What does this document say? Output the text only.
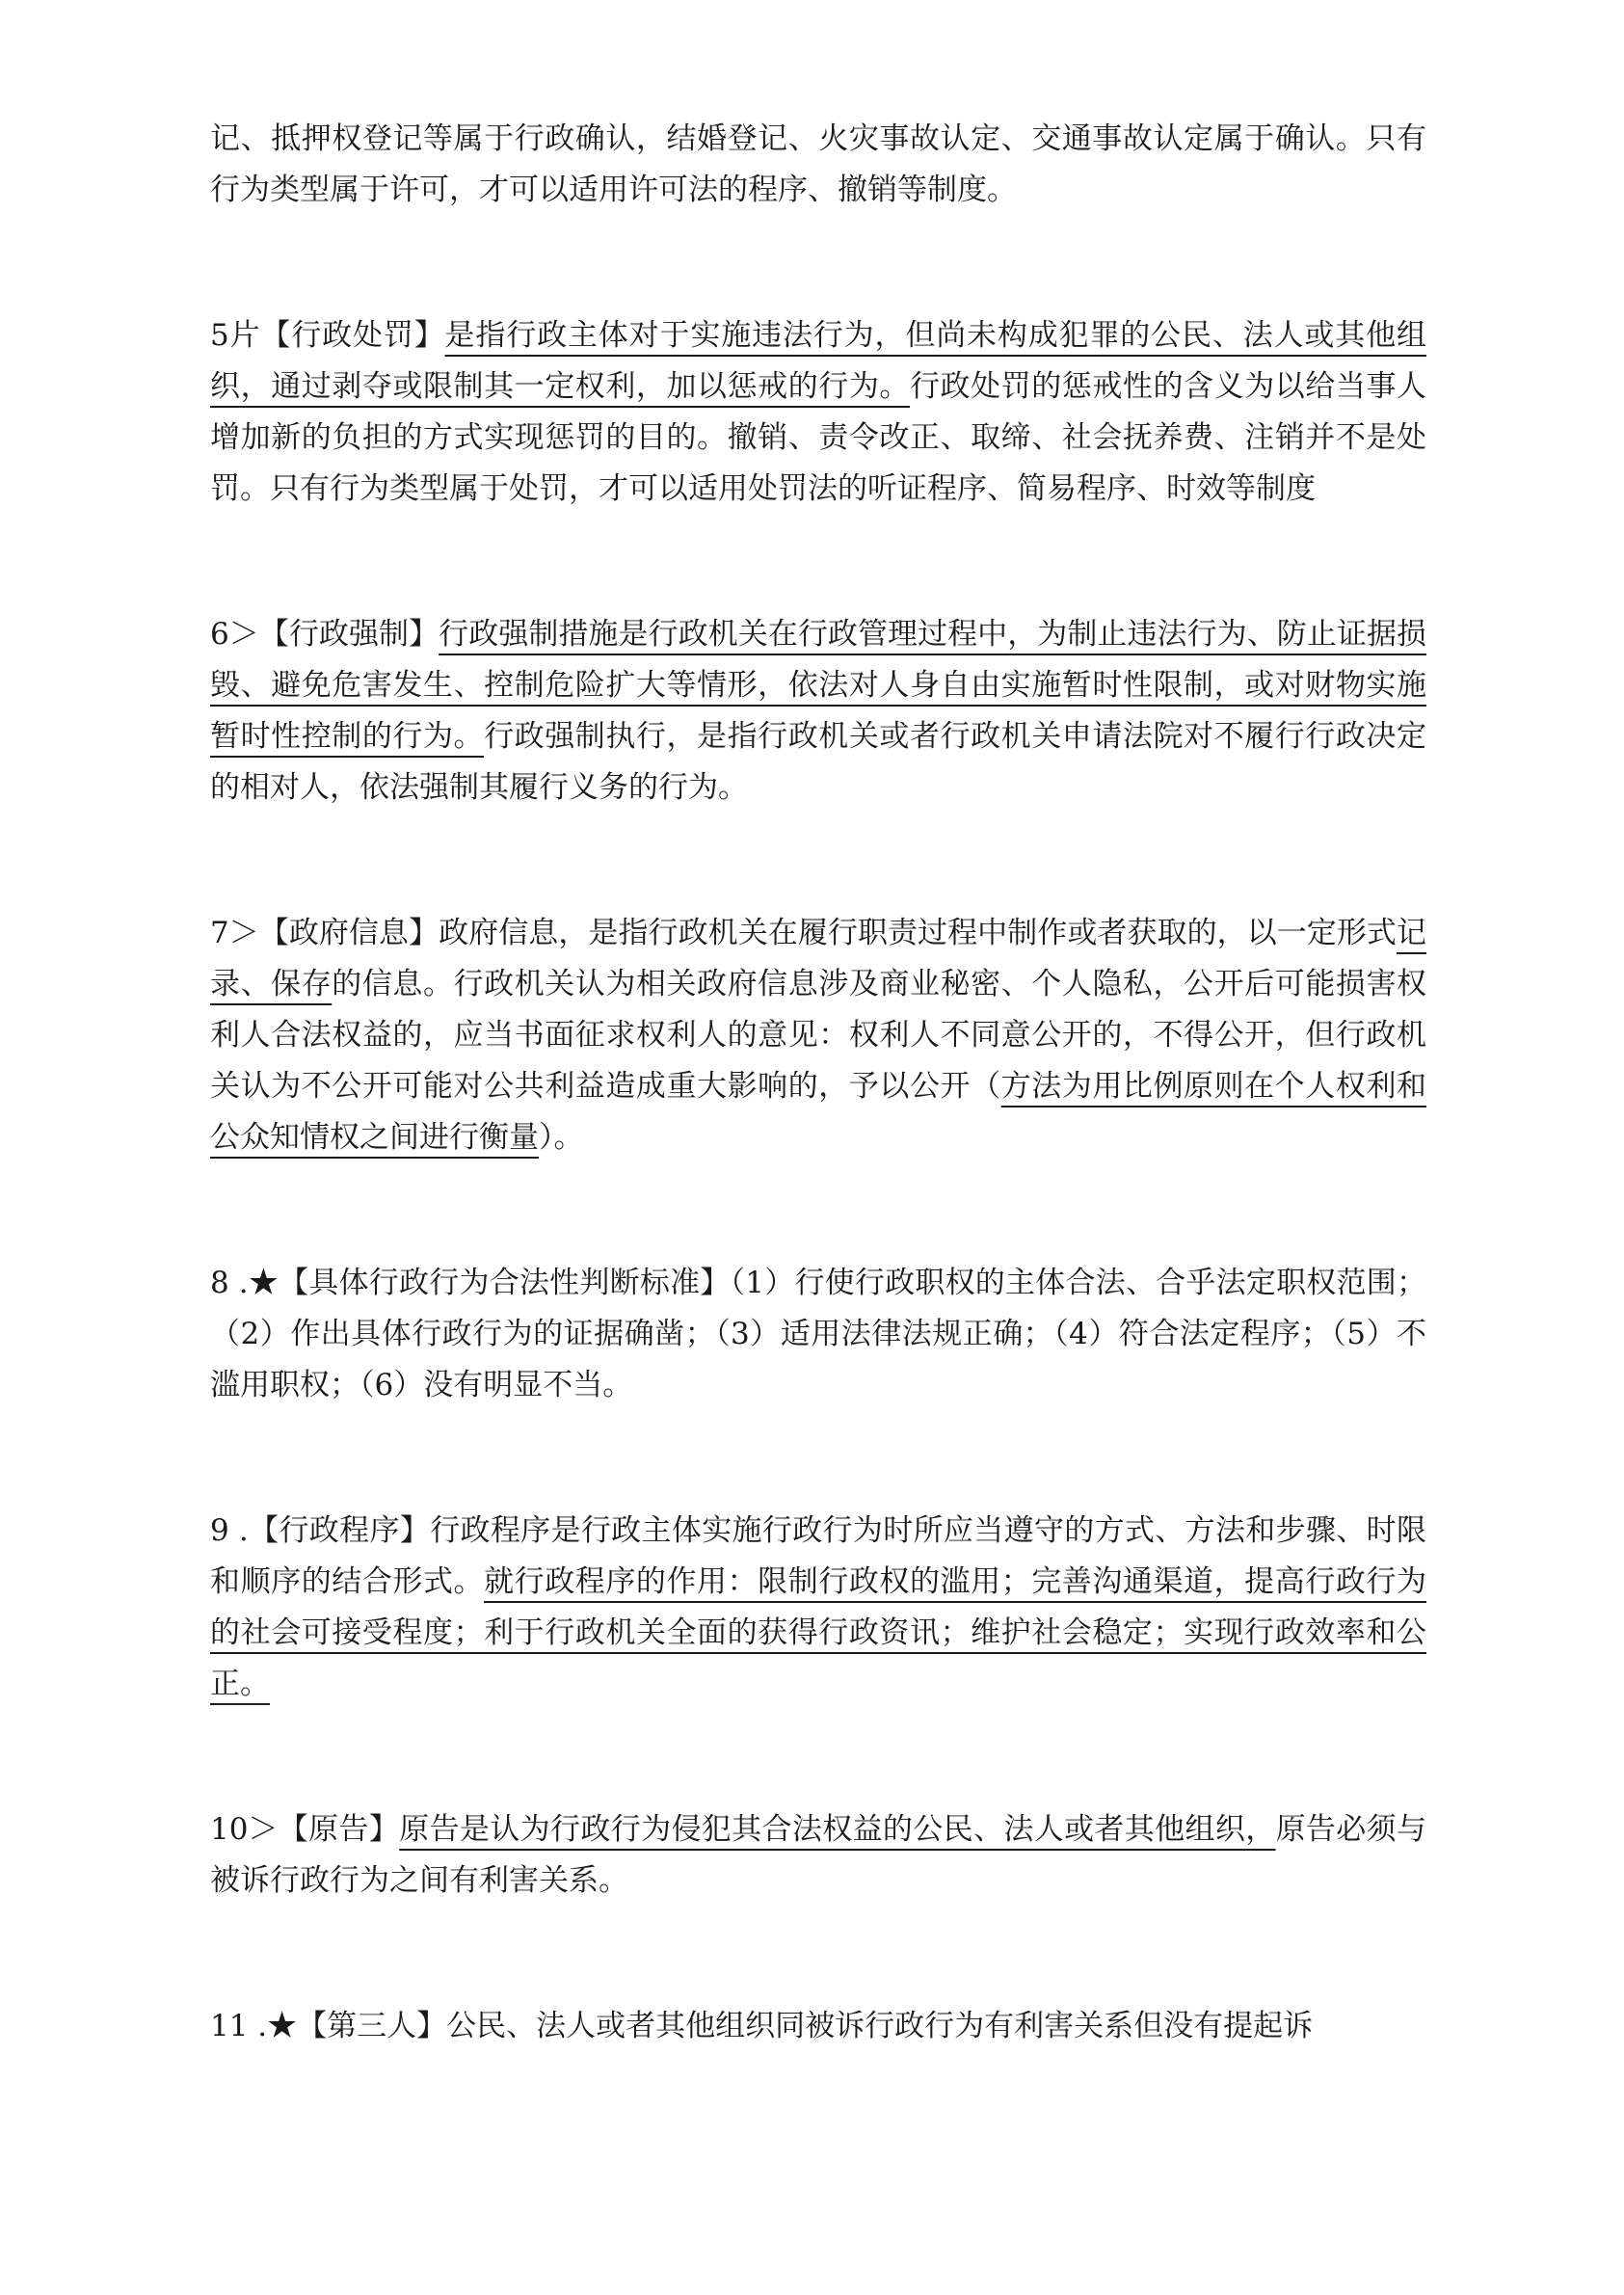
记、抵押权登记等属于行政确认，结婚登记、火灾事故认定、交通事故认定属于确认。只有行为类型属于许可，才可以适用许可法的程序、撤销等制度。

5片【行政处罚】是指行政主体对于实施违法行为，但尚未构成犯罪的公民、法人或其他组织，通过剥夺或限制其一定权利，加以惩戒的行为。行政处罚的惩戒性的含义为以给当事人增加新的负担的方式实现惩罚的目的。撤销、责令改正、取缔、社会抚养费、注销并不是处罚。只有行为类型属于处罚，才可以适用处罚法的听证程序、简易程序、时效等制度

6＞【行政强制】行政强制措施是行政机关在行政管理过程中，为制止违法行为、防止证据损毁、避免危害发生、控制危险扩大等情形，依法对人身自由实施暂时性限制，或对财物实施暂时性控制的行为。行政强制执行，是指行政机关或者行政机关申请法院对不履行行政决定的相对人，依法强制其履行义务的行为。

7＞【政府信息】政府信息，是指行政机关在履行职责过程中制作或者获取的，以一定形式记录、保存的信息。行政机关认为相关政府信息涉及商业秘密、个人隐私，公开后可能损害权利人合法权益的，应当书面征求权利人的意见：权利人不同意公开的，不得公开，但行政机关认为不公开可能对公共利益造成重大影响的，予以公开（方法为用比例原则在个人权利和公众知情权之间进行衡量）。

8 .★【具体行政行为合法性判断标准】（1）行使行政职权的主体合法、合乎法定职权范围；（2）作出具体行政行为的证据确凿；（3）适用法律法规正确；（4）符合法定程序；（5）不滥用职权；（6）没有明显不当。

9 .【行政程序】行政程序是行政主体实施行政行为时所应当遵守的方式、方法和步骤、时限和顺序的结合形式。就行政程序的作用：限制行政权的滥用；完善沟通渠道，提高行政行为的社会可接受程度；利于行政机关全面的获得行政资讯；维护社会稳定；实现行政效率和公正。

10＞【原告】原告是认为行政行为侵犯其合法权益的公民、法人或者其他组织，原告必须与被诉行政行为之间有利害关系。

11 .★【第三人】公民、法人或者其他组织同被诉行政行为有利害关系但没有提起诉
